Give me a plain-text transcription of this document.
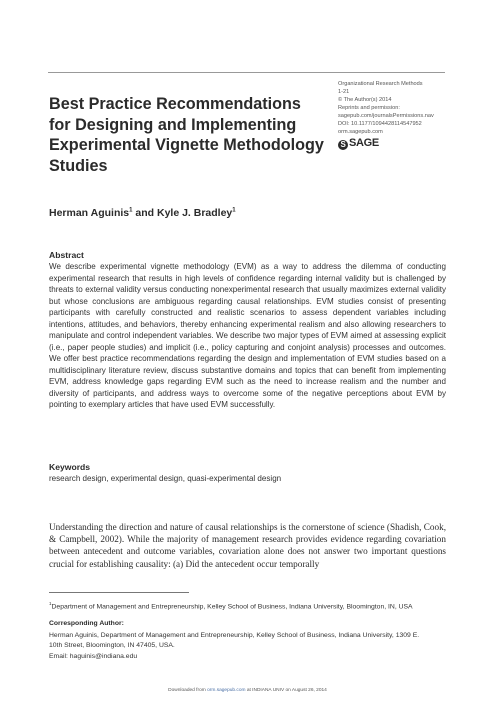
Organizational Research Methods
1-21
© The Author(s) 2014
Reprints and permission:
sagepub.com/journalsPermissions.nav
DOI: 10.1177/1094428114547952
orm.sagepub.com
S SAGE
Best Practice Recommendations for Designing and Implementing Experimental Vignette Methodology Studies
Herman Aguinis$^1$ and Kyle J. Bradley$^1$
Abstract
We describe experimental vignette methodology (EVM) as a way to address the dilemma of conducting experimental research that results in high levels of confidence regarding internal validity but is challenged by threats to external validity versus conducting nonexperimental research that usually maximizes external validity but whose conclusions are ambiguous regarding causal relationships. EVM studies consist of presenting participants with carefully constructed and realistic scenarios to assess dependent variables including intentions, attitudes, and behaviors, thereby enhancing experimental realism and also allowing researchers to manipulate and control independent variables. We describe two major types of EVM aimed at assessing explicit (i.e., paper people studies) and implicit (i.e., policy capturing and conjoint analysis) processes and outcomes. We offer best practice recommendations regarding the design and implementation of EVM studies based on a multidisciplinary literature review, discuss substantive domains and topics that can benefit from implementing EVM, address knowledge gaps regarding EVM such as the need to increase realism and the number and diversity of participants, and address ways to overcome some of the negative perceptions about EVM by pointing to exemplary articles that have used EVM successfully.
Keywords
research design, experimental design, quasi-experimental design
Understanding the direction and nature of causal relationships is the cornerstone of science (Shadish, Cook, & Campbell, 2002). While the majority of management research provides evidence regarding covariation between antecedent and outcome variables, covariation alone does not answer two important questions crucial for establishing causality: (a) Did the antecedent occur temporally
$^1$Department of Management and Entrepreneurship, Kelley School of Business, Indiana University, Bloomington, IN, USA
Corresponding Author:
Herman Aguinis, Department of Management and Entrepreneurship, Kelley School of Business, Indiana University, 1309 E.
10th Street, Bloomington, IN 47405, USA.
Email: haguinis@indiana.edu
Downloaded from orm.sagepub.com at INDIANA UNIV on August 26, 2014
